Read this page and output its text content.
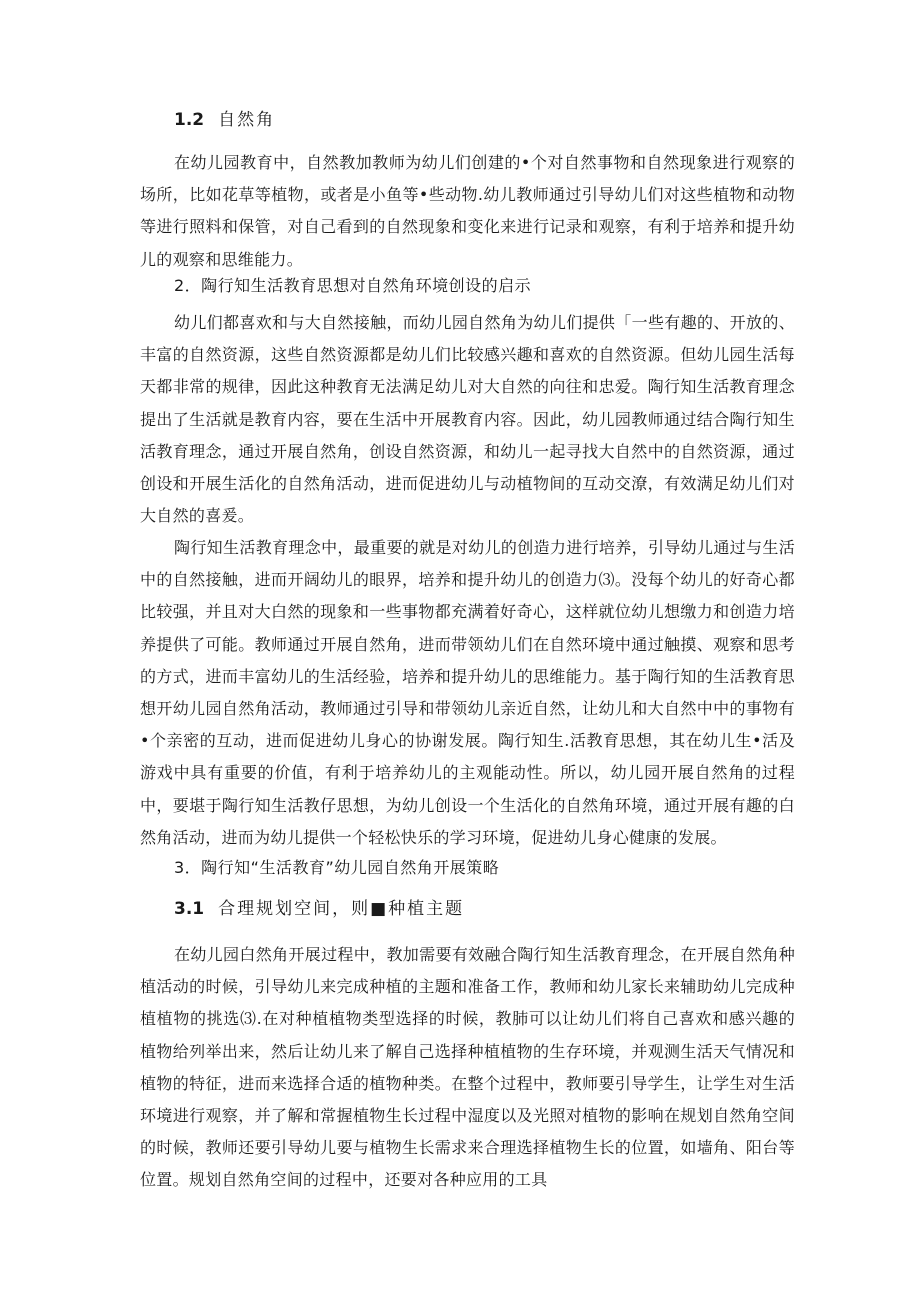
1.2 自然角
在幼儿园教育中，自然教加教师为幼儿们创建的•个对自然事物和自然现象进行观察的场所，比如花草等植物，或者是小鱼等•些动物.幼儿教师通过引导幼儿们对这些植物和动物等进行照料和保管，对自己看到的自然现象和变化来进行记录和观察，有利于培养和提升幼儿的观察和思维能力。
2．陶行知生活教育思想对自然角环境创设的启示
幼儿们都喜欢和与大自然接触，而幼儿园自然角为幼儿们提供「一些有趣的、开放的、丰富的自然资源，这些自然资源都是幼儿们比较感兴趣和喜欢的自然资源。但幼儿园生活每天都非常的规律，因此这种教育无法满足幼儿对大自然的向往和忠爱。陶行知生活教育理念提出了生活就是教育内容，要在生活中开展教育内容。因此，幼儿园教师通过结合陶行知生活教育理念，通过开展自然角，创设自然资源，和幼儿一起寻找大自然中的自然资源，通过创设和开展生活化的自然角活动，进而促进幼儿与动植物间的互动交潦，有效满足幼儿们对大自然的喜爰。
陶行知生活教育理念中，最重要的就是对幼儿的创造力进行培养，引导幼儿通过与生活中的自然接触，进而开阔幼儿的眼界，培养和提升幼儿的创造力⑶。没每个幼儿的好奇心都比较强，并且对大白然的现象和一些事物都充满着好奇心，这样就位幼儿想缴力和创造力培养提供了可能。教师通过开展自然角，进而带领幼儿们在自然环境中通过触摸、观察和思考的方式，进而丰富幼儿的生活经验，培养和提升幼儿的思维能力。基于陶行知的生活教育思想开幼儿园自然角活动，教师通过引导和带领幼儿亲近自然，让幼儿和大自然中中的事物有•个亲密的互动，进而促进幼儿身心的协谢发展。陶行知生.活教育思想，其在幼儿生•活及游戏中具有重要的价值，有利于培养幼儿的主观能动性。所以，幼儿园开展自然角的过程中，要堪于陶行知生活教仔思想，为幼儿创设一个生活化的自然角环境，通过开展有趣的白然角活动，进而为幼儿提供一个轻松快乐的学习环境，促进幼儿身心健康的发展。
3．陶行知“生活教育”幼儿园自然角开展策略
3.1 合理规划空间，则■种植主题
在幼儿园白然角开展过程中，教加需要有效融合陶行知生活教育理念，在开展自然角种植活动的时候，引导幼儿来完成种植的主题和准备工作，教师和幼儿家长来辅助幼儿完成种植植物的挑选⑶.在对种植植物类型选择的时候，教肺可以让幼儿们将自己喜欢和感兴趣的植物给列举出来，然后让幼儿来了解自己选择种植植物的生存环境，并观测生活天气情况和植物的特征，进而来选择合适的植物种类。在整个过程中，教师要引导学生，让学生对生活环境进行观察，并了解和常握植物生长过程中湿度以及光照对植物的影响在规划自然角空间的时候，教师还要引导幼儿要与植物生长需求来合理选择植物生长的位置，如墙角、阳台等位置。规划自然角空间的过程中，还要对各种应用的工具
